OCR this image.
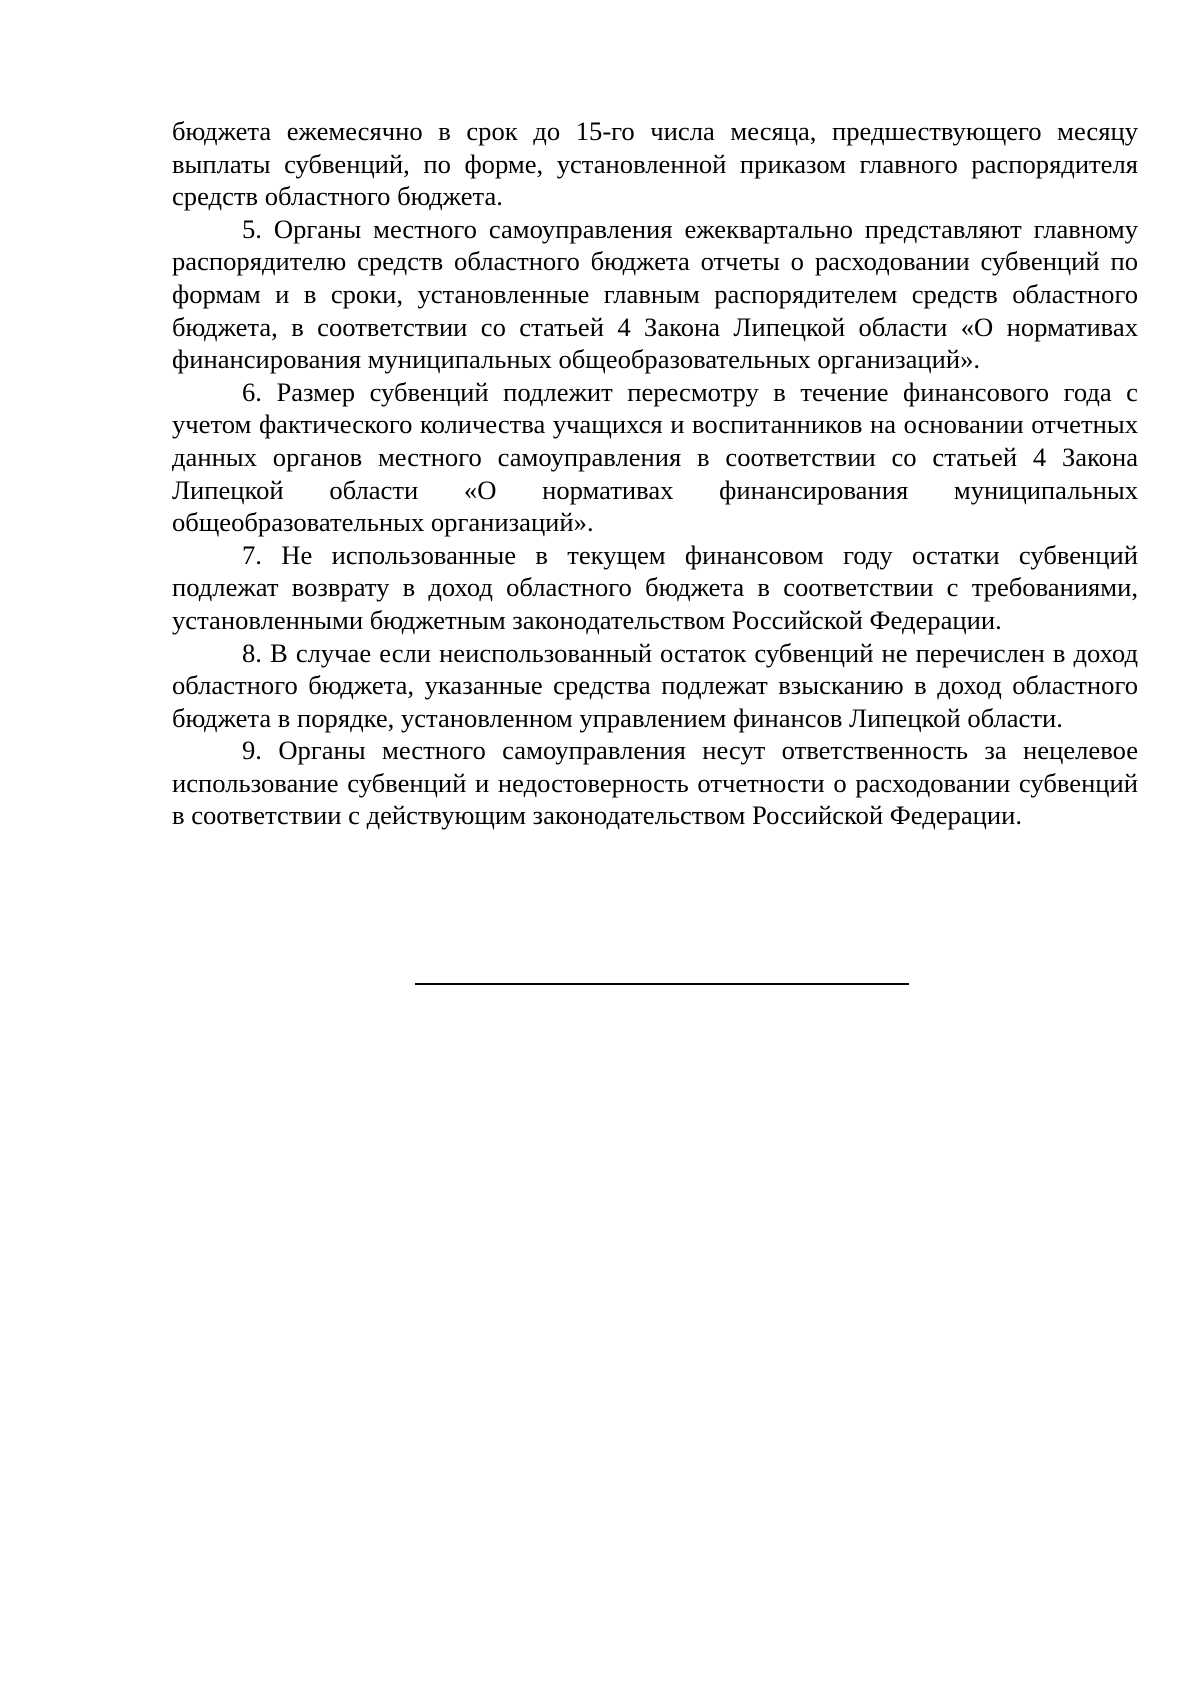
бюджета ежемесячно в срок до 15-го числа месяца, предшествующего месяцу выплаты субвенций, по форме, установленной приказом главного распорядителя средств областного бюджета.

5. Органы местного самоуправления ежеквартально представляют главному распорядителю средств областного бюджета отчеты о расходовании субвенций по формам и в сроки, установленные главным распорядителем средств областного бюджета, в соответствии со статьей 4 Закона Липецкой области «О нормативах финансирования муниципальных общеобразовательных организаций».

6. Размер субвенций подлежит пересмотру в течение финансового года с учетом фактического количества учащихся и воспитанников на основании отчетных данных органов местного самоуправления в соответствии со статьей 4 Закона Липецкой области «О нормативах финансирования муниципальных общеобразовательных организаций».

7. Не использованные в текущем финансовом году остатки субвенций подлежат возврату в доход областного бюджета в соответствии с требованиями, установленными бюджетным законодательством Российской Федерации.

8. В случае если неиспользованный остаток субвенций не перечислен в доход областного бюджета, указанные средства подлежат взысканию в доход областного бюджета в порядке, установленном управлением финансов Липецкой области.

9. Органы местного самоуправления несут ответственность за нецелевое использование субвенций и недостоверность отчетности о расходовании субвенций в соответствии с действующим законодательством Российской Федерации.
